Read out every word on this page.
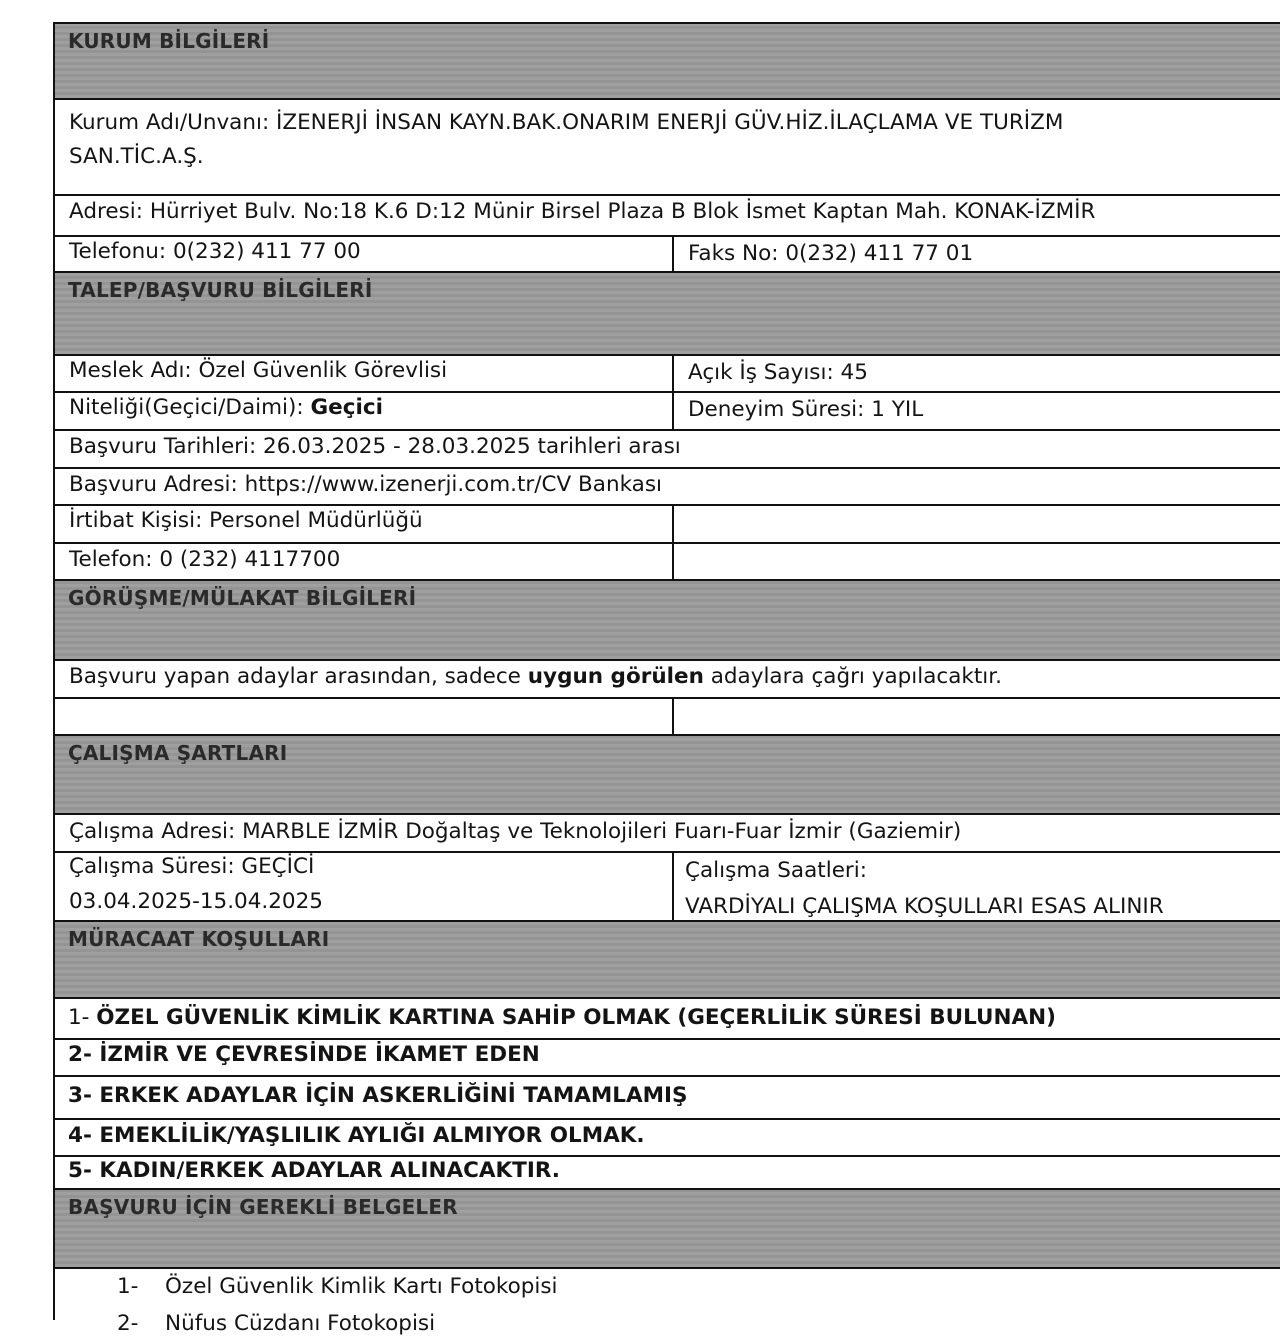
KURUM BİLGİLERİ
Kurum Adı/Unvanı: İZENERJİ İNSAN KAYN.BAK.ONARIM ENERJİ GÜV.HİZ.İLAÇLAMA VE TURİZM
SAN.TİC.A.Ş.
Adresi: Hürriyet Bulv. No:18 K.6 D:12 Münir Birsel Plaza B Blok İsmet Kaptan Mah. KONAK-İZMİR
Telefonu: 0(232) 411 77 00	Faks No: 0(232) 411 77 01
TALEP/BAŞVURU BİLGİLERİ
Meslek Adı: Özel Güvenlik Görevlisi	Açık İş Sayısı: 45
Niteliği(Geçici/Daimi): Geçici	Deneyim Süresi: 1 YIL
Başvuru Tarihleri: 26.03.2025 - 28.03.2025 tarihleri arası
Başvuru Adresi: https://www.izenerji.com.tr/CV Bankası
İrtibat Kişisi: Personel Müdürlüğü
Telefon: 0 (232) 4117700
GÖRÜŞME/MÜLAKAT BİLGİLERİ
Başvuru yapan adaylar arasından, sadece uygun görülen adaylara çağrı yapılacaktır.
ÇALIŞMA ŞARTLARI
Çalışma Adresi: MARBLE İZMİR Doğaltaş ve Teknolojileri Fuarı-Fuar İzmir (Gaziemir)
Çalışma Süresi: GEÇİCİ
03.04.2025-15.04.2025
Çalışma Saatleri:
VARDİYALI ÇALIŞMA KOŞULLARI ESAS ALINIR
MÜRACAAT KOŞULLARI
1- ÖZEL GÜVENLİK KİMLİK KARTINA SAHİP OLMAK (GEÇERLİLİK SÜRESİ BULUNAN)
2- İZMİR VE ÇEVRESİNDE İKAMET EDEN
3- ERKEK ADAYLAR İÇİN ASKERLİĞİNİ TAMAMLAMIŞ
4- EMEKLİLİK/YAŞLILIK AYLIĞI ALMIYOR OLMAK.
5- KADIN/ERKEK ADAYLAR ALINACAKTIR.
BAŞVURU İÇİN GEREKLİ BELGELER
1- Özel Güvenlik Kimlik Kartı Fotokopisi
2- Nüfus Cüzdanı Fotokopisi
